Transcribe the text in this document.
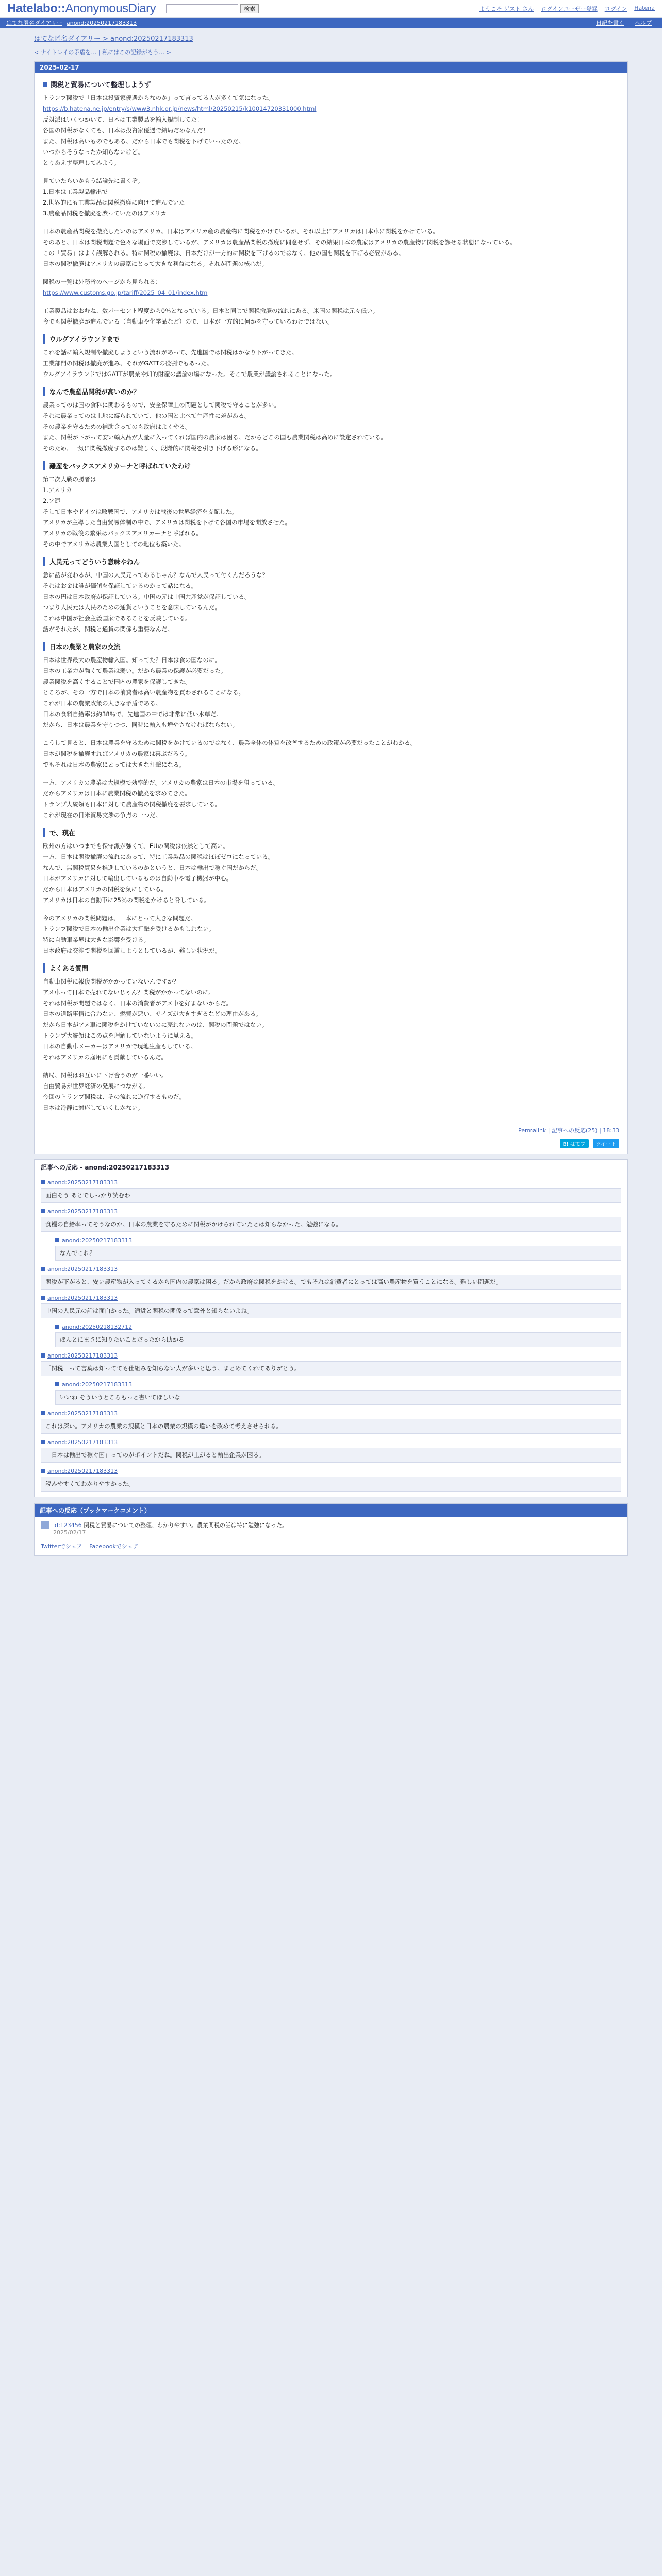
Hatelabo::AnonymousDiary	検索	ようこそ ゲスト さん ログインユーザー登録 ログイン Hatena
はてな匿名ダイアリー anond:20250217183313	日記を書く ヘルプ
はてな匿名ダイアリー > anond:20250217183313
< ナイトレイの矛盾を… | 私にはこの記録がもう… >
2025-02-17
関税と貿易について整理しようず

トランプ関税で「日本は投資家優遇からなのか」って言ってる人が多くて気になった。

https://b.hatena.ne.jp/entry/s/www3.nhk.or.jp/news/html/20250215/k10014720331000.html

反対派はいくつかいて、日本は工業製品を輸入規制してた！

各国の関税がなくても、日本は投資家優遇で結局だめなんだ！

また、関税は高いものでもある、だから日本でも関税を下げていったのだ。

いつからそうなったか知らないけど。

とりあえず整理してみよう。

見ていたらいかもう結論先に書くぞ。

1.日本は工業製品輸出で

2.世界的にも工業製品は関税撤廃に向けて進んでいた

3.農産品関税を撤廃を渋っていたのはアメリカ

日本の農産品関税を撤廃したいのはアメリカ。日本はアメリカ産の農産物に関税をかけているが、それ以上にアメリカは日本車に関税をかけている。

そのあと、日本は関税問題で色々な場面で交渉しているが、アメリカは農産品関税の撤廃に同意せず、その結果日本の農家はアメリカの農産物に関税を課せる状態になっている。

この「貿易」はよく誤解される。特に関税の撤廃は、日本だけが一方的に関税を下げるのではなく、他の国も関税を下げる必要がある。

日本の関税撤廃はアメリカの農家にとって大きな利益になる。それが問題の核心だ。

関税の一覧は外務省のページから見られる：

https://www.customs.go.jp/tariff/2025_04_01/index.htm

工業製品はおおむね、数パーセント程度から0％となっている。日本と同じで関税撤廃の流れにある。米国の関税は元々低い。

今でも関税撤廃が進んでいる（自動車や化学品など）ので、日本が一方的に何かを守っているわけではない。

ウルグアイラウンドまで

これを話に輸入規制や撤廃しようという流れがあって、先進国では関税はかなり下がってきた。

工業部門の関税は撤廃が進み、それがGATTの役割でもあった。

ウルグアイラウンドではGATTが農業や知的財産の議論の場になった。そこで農業が議論されることになった。

なんで農産品関税が高いのか？

農業ってのは国の食料に関わるもので、安全保障上の問題として関税で守ることが多い。

それに農業ってのは土地に縛られていて、他の国と比べて生産性に差がある。

その農業を守るための補助金ってのも政府はよくやる。

また、関税が下がって安い輸入品が大量に入ってくれば国内の農家は困る。だからどこの国も農業関税は高めに設定されている。

そのため、一気に関税撤廃するのは難しく、段階的に関税を引き下げる形になる。

難産をバックスアメリカーナと呼ばれていたわけ

第二次大戦の勝者は

1.アメリカ

2.ソ連

そして日本やドイツは敗戦国で、アメリカは戦後の世界経済を支配した。

アメリカが主導した自由貿易体制の中で、アメリカは関税を下げて各国の市場を開放させた。

アメリカの戦後の繁栄はバックスアメリカーナと呼ばれる。

その中でアメリカは農業大国としての地位も築いた。

人民元ってどういう意味やねん

急に話が変わるが、中国の人民元ってあるじゃん？なんで人民って付くんだろうな？

それはお金は誰が価値を保証しているのかって話になる。

日本の円は日本政府が保証している。中国の元は中国共産党が保証している。

つまり人民元は人民のための通貨ということを意味しているんだ。

これは中国が社会主義国家であることを反映している。

話がそれたが、関税と通貨の関係も重要なんだ。

日本の農業と農家の交流

日本は世界最大の農産物輸入国。知ってた？日本は食の国なのに。

日本の工業力が強くて農業は弱い。だから農業の保護が必要だった。

農業関税を高くすることで国内の農家を保護してきた。

ところが、その一方で日本の消費者は高い農産物を買わされることになる。

これが日本の農業政策の大きな矛盾である。

日本の食料自給率は約38％で、先進国の中では非常に低い水準だ。

だから、日本は農業を守りつつ、同時に輸入も増やさなければならない。

こうして見ると、日本は農業を守るために関税をかけているのではなく、農業全体の体質を改善するための政策が必要だったことがわかる。

日本が関税を撤廃すればアメリカの農家は喜ぶだろう。

でもそれは日本の農家にとっては大きな打撃になる。

一方、アメリカの農業は大規模で効率的だ。アメリカの農家は日本の市場を狙っている。

だからアメリカは日本に農業関税の撤廃を求めてきた。

トランプ大統領も日本に対して農産物の関税撤廃を要求している。

これが現在の日米貿易交渉の争点の一つだ。

で、現在

欧州の方はいつまでも保守派が強くて、EUの関税は依然として高い。

一方、日本は関税撤廃の流れにあって、特に工業製品の関税はほぼゼロになっている。

なんで、無関税貿易を推進しているのかというと、日本は輸出で稼ぐ国だからだ。

日本がアメリカに対して輸出しているものは自動車や電子機器が中心。

だから日本はアメリカの関税を気にしている。

アメリカは日本の自動車に25％の関税をかけると脅している。

今のアメリカの関税問題は、日本にとって大きな問題だ。

トランプ関税で日本の輸出企業は大打撃を受けるかもしれない。

特に自動車業界は大きな影響を受ける。

日本政府は交渉で関税を回避しようとしているが、難しい状況だ。

よくある質問

自動車関税に報復関税がかかっていないんですか？

アメ車って日本で売れてないじゃん？関税がかかってないのに。

それは関税が問題ではなく、日本の消費者がアメ車を好まないからだ。

日本の道路事情に合わない、燃費が悪い、サイズが大きすぎるなどの理由がある。

だから日本がアメ車に関税をかけていないのに売れないのは、関税の問題ではない。

トランプ大統領はこの点を理解していないように見える。

日本の自動車メーカーはアメリカで現地生産もしている。

それはアメリカの雇用にも貢献しているんだ。

結局、関税はお互いに下げ合うのが一番いい。

自由貿易が世界経済の発展につながる。

今回のトランプ関税は、その流れに逆行するものだ。

日本は冷静に対応していくしかない。

Permalink | 記事への反応(25) | 18:33
B! はてブ ツイート
記事への反応 - anond:20250217183313
anond:20250217183313
面白そう あとでしっかり読むわ
anond:20250217183313
食糧の自給率ってそうなのか。日本の農業を守るために関税がかけられていたとは知らなかった。勉強になる。
anond:20250217183313
なんでこれ？
anond:20250217183313
関税が下がると、安い農産物が入ってくるから国内の農家は困る。だから政府は関税をかける。でもそれは消費者にとっては高い農産物を買うことになる。難しい問題だ。
anond:20250217183313
中国の人民元の話は面白かった。通貨と関税の関係って意外と知らないよね。
anond:20250218132712
ほんとにまさに知りたいことだったから助かる
anond:20250217183313
「関税」って言葉は知ってても仕組みを知らない人が多いと思う。まとめてくれてありがとう。
anond:20250217183313
いいね そういうところもっと書いてほしいな
anond:20250217183313
これは深い。アメリカの農業の規模と日本の農業の規模の違いを改めて考えさせられる。
anond:20250217183313
「日本は輸出で稼ぐ国」ってのがポイントだね。関税が上がると輸出企業が困る。
anond:20250217183313
読みやすくてわかりやすかった。
記事への反応（ブックマークコメント）
id:123456 関税と貿易についての整理、わかりやすい。農業関税の話は特に勉強になった。
2025/02/17
Twitterでシェア Facebookでシェア
